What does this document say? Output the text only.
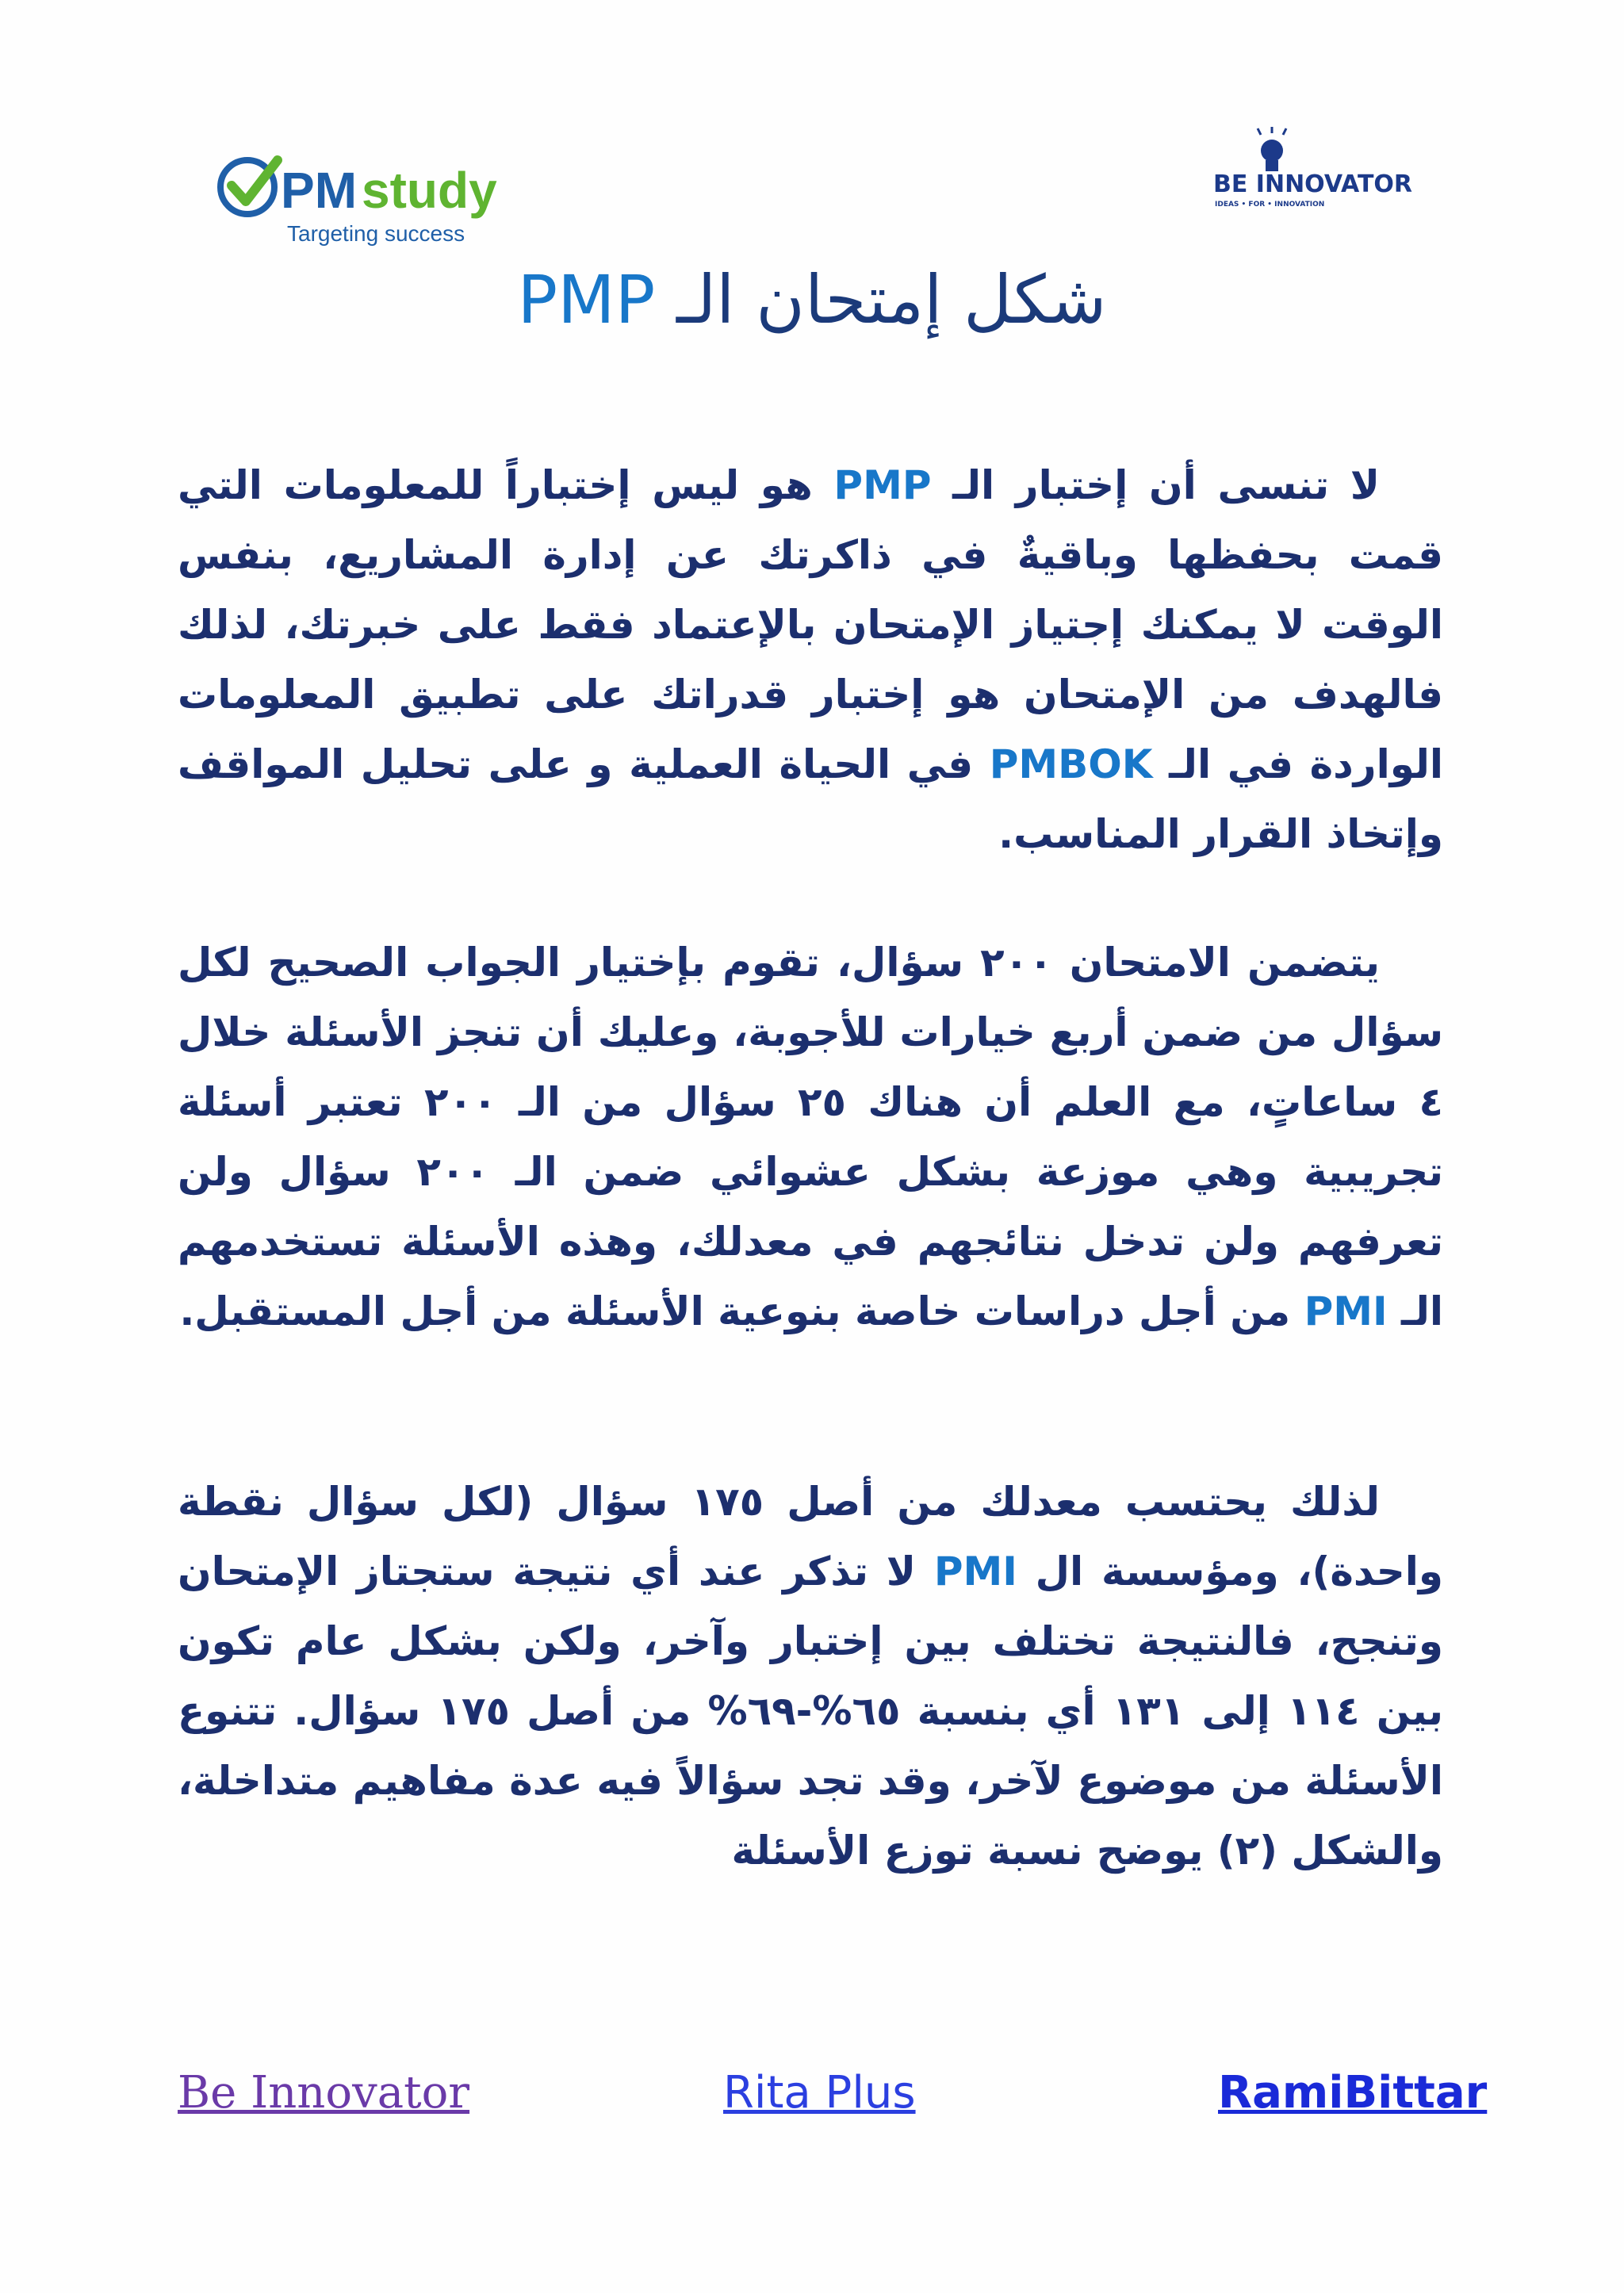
PM study
Targeting success
BE INNOVATOR
IDEAS • FOR • INNOVATION
شكل إمتحان الـ PMP

لا تنسى أن إختبار الـ PMP هو ليس إختباراً للمعلومات التي قمت بحفظها وباقيةٌ في ذاكرتك عن إدارة المشاريع، بنفس الوقت لا يمكنك إجتياز الإمتحان بالإعتماد فقط على خبرتك، لذلك فالهدف من الإمتحان هو إختبار قدراتك على تطبيق المعلومات الواردة في الـ PMBOK في الحياة العملية و على تحليل المواقف وإتخاذ القرار المناسب.

يتضمن الامتحان ٢٠٠ سؤال، تقوم بإختيار الجواب الصحيح لكل سؤال من ضمن أربع خيارات للأجوبة، وعليك أن تنجز الأسئلة خلال ٤ ساعاتٍ، مع العلم أن هناك ٢٥ سؤال من الـ ٢٠٠ تعتبر أسئلة تجريبية وهي موزعة بشكل عشوائي ضمن الـ ٢٠٠ سؤال ولن تعرفهم ولن تدخل نتائجهم في معدلك، وهذه الأسئلة تستخدمهم الـ PMI من أجل دراسات خاصة بنوعية الأسئلة من أجل المستقبل.

لذلك يحتسب معدلك من أصل ١٧٥ سؤال (لكل سؤال نقطة واحدة)، ومؤسسة ال PMI لا تذكر عند أي نتيجة ستجتاز الإمتحان وتنجح، فالنتيجة تختلف بين إختبار وآخر، ولكن بشكل عام تكون بين ١١٤ إلى ١٣١ أي بنسبة ٦٥%-٦٩% من أصل ١٧٥ سؤال. تتنوع الأسئلة من موضوع لآخر، وقد تجد سؤالاً فيه عدة مفاهيم متداخلة، والشكل (٢) يوضح نسبة توزع الأسئلة

Be Innovator	Rita Plus	RamiBittar
